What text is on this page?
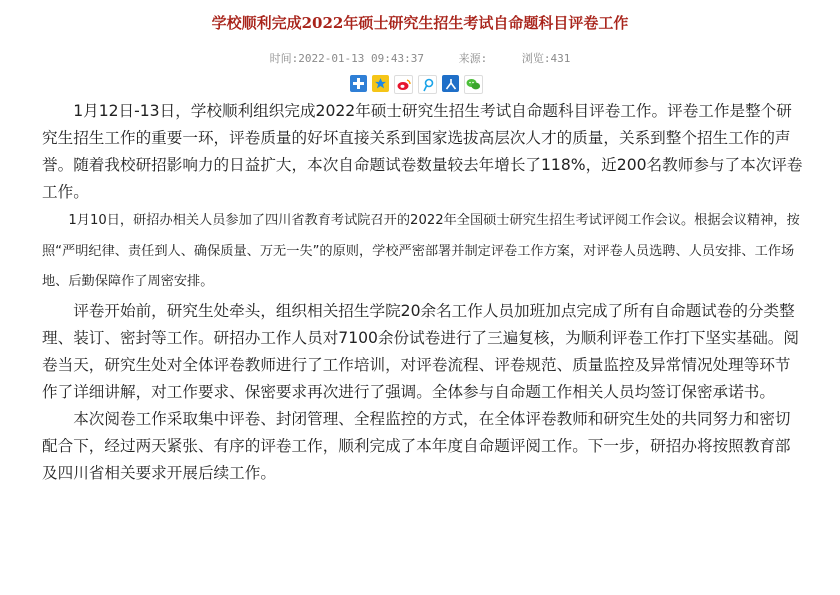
学校顺利完成2022年硕士研究生招生考试自命题科目评卷工作
时间:2022-01-13 09:43:37	来源:	浏览:431

1月12日-13日，学校顺利组织完成2022年硕士研究生招生考试自命题科目评卷工作。评卷工作是整个研究生招生工作的重要一环，评卷质量的好坏直接关系到国家选拔高层次人才的质量，关系到整个招生工作的声誉。随着我校研招影响力的日益扩大，本次自命题试卷数量较去年增长了118%，近200名教师参与了本次评卷工作。

1月10日，研招办相关人员参加了四川省教育考试院召开的2022年全国硕士研究生招生考试评阅工作会议。根据会议精神，按照“严明纪律、责任到人、确保质量、万无一失”的原则，学校严密部署并制定评卷工作方案，对评卷人员选聘、人员安排、工作场地、后勤保障作了周密安排。

评卷开始前，研究生处牵头，组织相关招生学院20余名工作人员加班加点完成了所有自命题试卷的分类整理、装订、密封等工作。研招办工作人员对7100余份试卷进行了三遍复核，为顺利评卷工作打下坚实基础。阅卷当天，研究生处对全体评卷教师进行了工作培训，对评卷流程、评卷规范、质量监控及异常情况处理等环节作了详细讲解，对工作要求、保密要求再次进行了强调。全体参与自命题工作相关人员均签订保密承诺书。

本次阅卷工作采取集中评卷、封闭管理、全程监控的方式，在全体评卷教师和研究生处的共同努力和密切配合下，经过两天紧张、有序的评卷工作，顺利完成了本年度自命题评阅工作。下一步，研招办将按照教育部及四川省相关要求开展后续工作。
